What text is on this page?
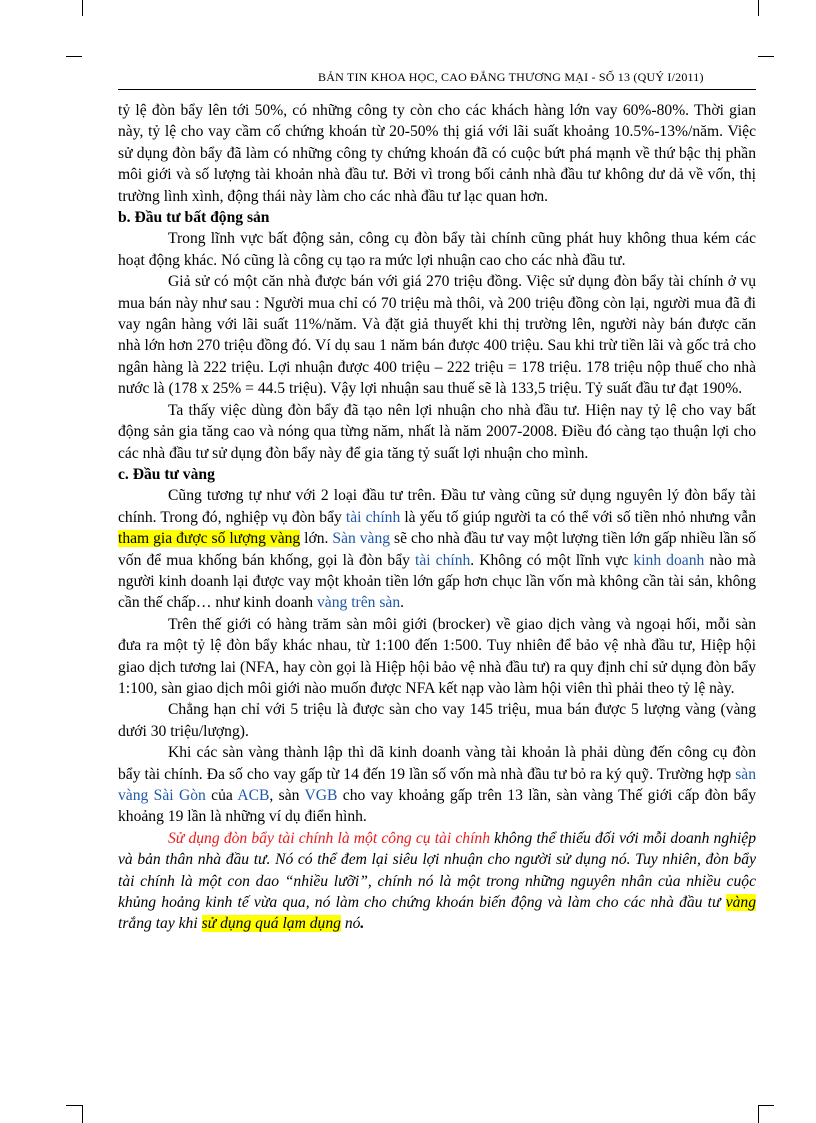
BẢN TIN KHOA HỌC, CAO ĐẲNG THƯƠNG MẠI - SỐ 13 (QUÝ I/2011)

tỷ lệ đòn bẩy lên tới 50%, có những công ty còn cho các khách hàng lớn vay 60%-80%. Thời gian này, tỷ lệ cho vay cầm cố chứng khoán từ 20-50% thị giá với lãi suất khoảng 10.5%-13%/năm. Việc sử dụng đòn bẩy đã làm có những công ty chứng khoán đã có cuộc bứt phá mạnh về thứ bậc thị phần môi giới và số lượng tài khoản nhà đầu tư. Bởi vì trong bối cảnh nhà đầu tư không dư dả về vốn, thị trường lình xình, động thái này làm cho các nhà đầu tư lạc quan hơn.

b. Đầu tư bất động sản

Trong lĩnh vực bất động sản, công cụ đòn bẩy tài chính cũng phát huy không thua kém các hoạt động khác. Nó cũng là công cụ tạo ra mức lợi nhuận cao cho các nhà đầu tư.

Giả sử có một căn nhà được bán với giá 270 triệu đồng. Việc sử dụng đòn bẩy tài chính ở vụ mua bán này như sau : Người mua chỉ có 70 triệu mà thôi, và 200 triệu đồng còn lại, người mua đã đi vay ngân hàng với lãi suất 11%/năm. Và đặt giả thuyết khi thị trường lên, người này bán được căn nhà lớn hơn 270 triệu đồng đó. Ví dụ sau 1 năm bán được 400 triệu. Sau khi trừ tiền lãi và gốc trả cho ngân hàng là 222 triệu. Lợi nhuận được 400 triệu – 222 triệu = 178 triệu. 178 triệu nộp thuế cho nhà nước là (178 x 25% = 44.5 triệu). Vậy lợi nhuận sau thuế sẽ là 133,5 triệu. Tỷ suất đầu tư đạt 190%.

Ta thấy việc dùng đòn bẩy đã tạo nên lợi nhuận cho nhà đầu tư. Hiện nay tỷ lệ cho vay bất động sản gia tăng cao và nóng qua từng năm, nhất là năm 2007-2008. Điều đó càng tạo thuận lợi cho các nhà đầu tư sử dụng đòn bẩy này để gia tăng tỷ suất lợi nhuận cho mình.

c. Đầu tư vàng

Cũng tương tự như với 2 loại đầu tư trên. Đầu tư vàng cũng sử dụng nguyên lý đòn bẩy tài chính. Trong đó, nghiệp vụ đòn bẩy tài chính là yếu tố giúp người ta có thể với số tiền nhỏ nhưng vẫn tham gia được số lượng vàng lớn. Sàn vàng sẽ cho nhà đầu tư vay một lượng tiền lớn gấp nhiều lần số vốn để mua khống bán khống, gọi là đòn bẩy tài chính. Không có một lĩnh vực kinh doanh nào mà người kinh doanh lại được vay một khoản tiền lớn gấp hơn chục lần vốn mà không cần tài sản, không cần thế chấp… như kinh doanh vàng trên sàn.

Trên thế giới có hàng trăm sàn môi giới (brocker) về giao dịch vàng và ngoại hối, mỗi sàn đưa ra một tỷ lệ đòn bẩy khác nhau, từ 1:100 đến 1:500. Tuy nhiên để bảo vệ nhà đầu tư, Hiệp hội giao dịch tương lai (NFA, hay còn gọi là Hiệp hội bảo vệ nhà đầu tư) ra quy định chỉ sử dụng đòn bẩy 1:100, sàn giao dịch môi giới nào muốn được NFA kết nạp vào làm hội viên thì phải theo tỷ lệ này.

Chẳng hạn chỉ với 5 triệu là được sàn cho vay 145 triệu, mua bán được 5 lượng vàng (vàng dưới 30 triệu/lượng).

Khi các sàn vàng thành lập thì dã kinh doanh vàng tài khoản là phải dùng đến công cụ đòn bẩy tài chính. Đa số cho vay gấp từ 14 đến 19 lần số vốn mà nhà đầu tư bỏ ra ký quỹ. Trường hợp sàn vàng Sài Gòn của ACB, sàn VGB cho vay khoảng gấp trên 13 lần, sàn vàng Thế giới cấp đòn bẩy khoảng 19 lần là những ví dụ điển hình.

Sử dụng đòn bẩy tài chính là một công cụ tài chính không thể thiếu đối với mỗi doanh nghiệp và bản thân nhà đầu tư. Nó có thể đem lại siêu lợi nhuận cho người sử dụng nó. Tuy nhiên, đòn bẩy tài chính là một con dao “nhiều lưỡi”, chính nó là một trong những nguyên nhân của nhiều cuộc khủng hoảng kinh tế vừa qua, nó làm cho chứng khoán biến động và làm cho các nhà đầu tư vàng trắng tay khi sử dụng quá lạm dụng nó.
